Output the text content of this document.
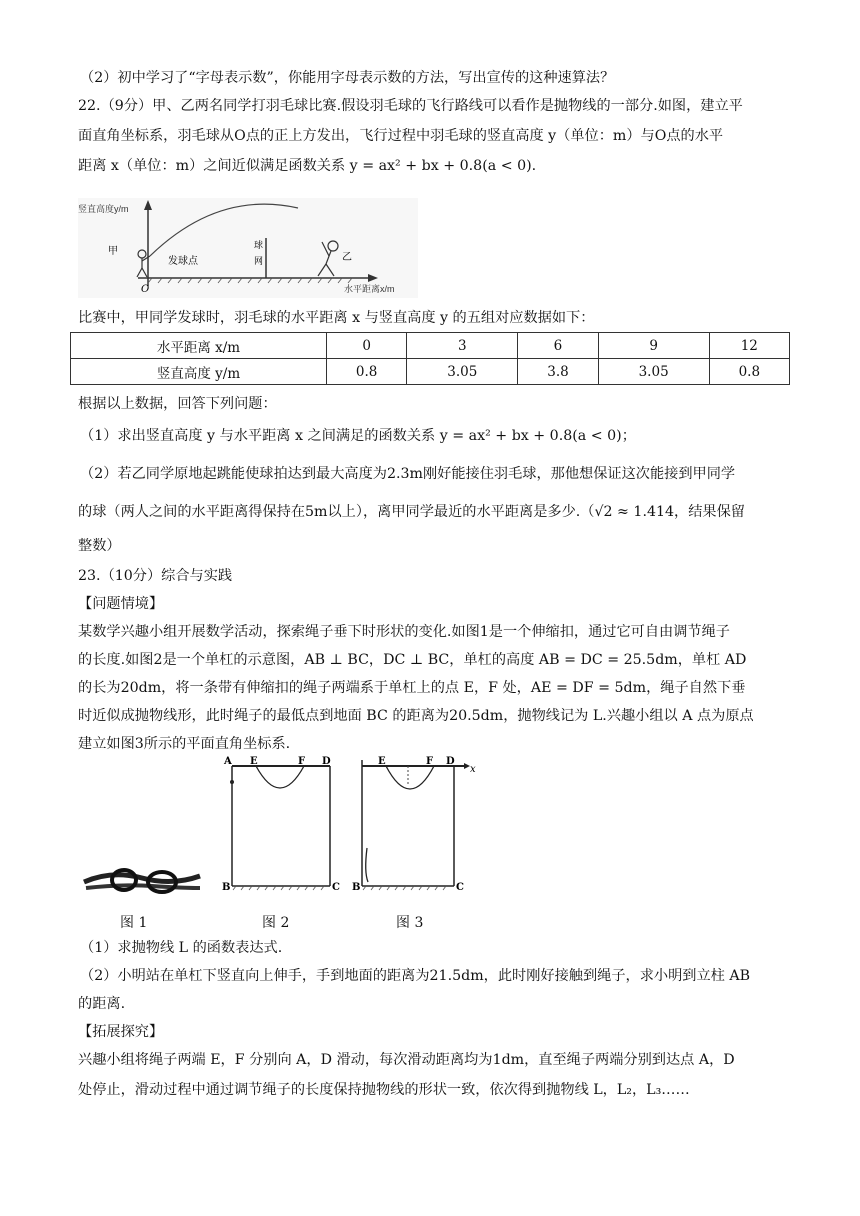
（2）初中学习了“字母表示数”，你能用字母表示数的方法，写出宣传的这种速算法？
22.（9分）甲、乙两名同学打羽毛球比赛.假设羽毛球的飞行路线可以看作是抛物线的一部分.如图，建立平
面直角坐标系，羽毛球从O点的正上方发出，飞行过程中羽毛球的竖直高度 y（单位：m）与O点的水平
距离 x（单位：m）之间近似满足函数关系 y = ax² + bx + 0.8(a < 0).
球
网
甲
发球点
O
乙
竖直高度y/m
水平距离x/m
比赛中，甲同学发球时，羽毛球的水平距离 x 与竖直高度 y 的五组对应数据如下：
水平距离 x/m	0	3	6	9	12
竖直高度 y/m	0.8	3.05	3.8	3.05	0.8
根据以上数据，回答下列问题：
（1）求出竖直高度 y 与水平距离 x 之间满足的函数关系 y = ax² + bx + 0.8(a < 0)；
（2）若乙同学原地起跳能使球拍达到最大高度为2.3m刚好能接住羽毛球，那他想保证这次能接到甲同学
的球（两人之间的水平距离得保持在5m以上），离甲同学最近的水平距离是多少.（√2 ≈ 1.414，结果保留
整数）
23.（10分）综合与实践
【问题情境】
某数学兴趣小组开展数学活动，探索绳子垂下时形状的变化.如图1是一个伸缩扣，通过它可自由调节绳子
的长度.如图2是一个单杠的示意图，AB ⊥ BC，DC ⊥ BC，单杠的高度 AB = DC = 25.5dm，单杠 AD
的长为20dm，将一条带有伸缩扣的绳子两端系于单杠上的点 E，F 处，AE = DF = 5dm，绳子自然下垂
时近似成抛物线形，此时绳子的最低点到地面 BC 的距离为20.5dm，抛物线记为 L.兴趣小组以 A 点为原点
建立如图3所示的平面直角坐标系.
A E	F D
B	C
E	F D
x
B	C
图 1	图 2	图 3
（1）求抛物线 L 的函数表达式.
（2）小明站在单杠下竖直向上伸手，手到地面的距离为21.5dm，此时刚好接触到绳子，求小明到立柱 AB
的距离.
【拓展探究】
兴趣小组将绳子两端 E，F 分别向 A，D 滑动，每次滑动距离均为1dm，直至绳子两端分别到达点 A，D
处停止，滑动过程中通过调节绳子的长度保持抛物线的形状一致，依次得到抛物线 L，L₂，L₃……
